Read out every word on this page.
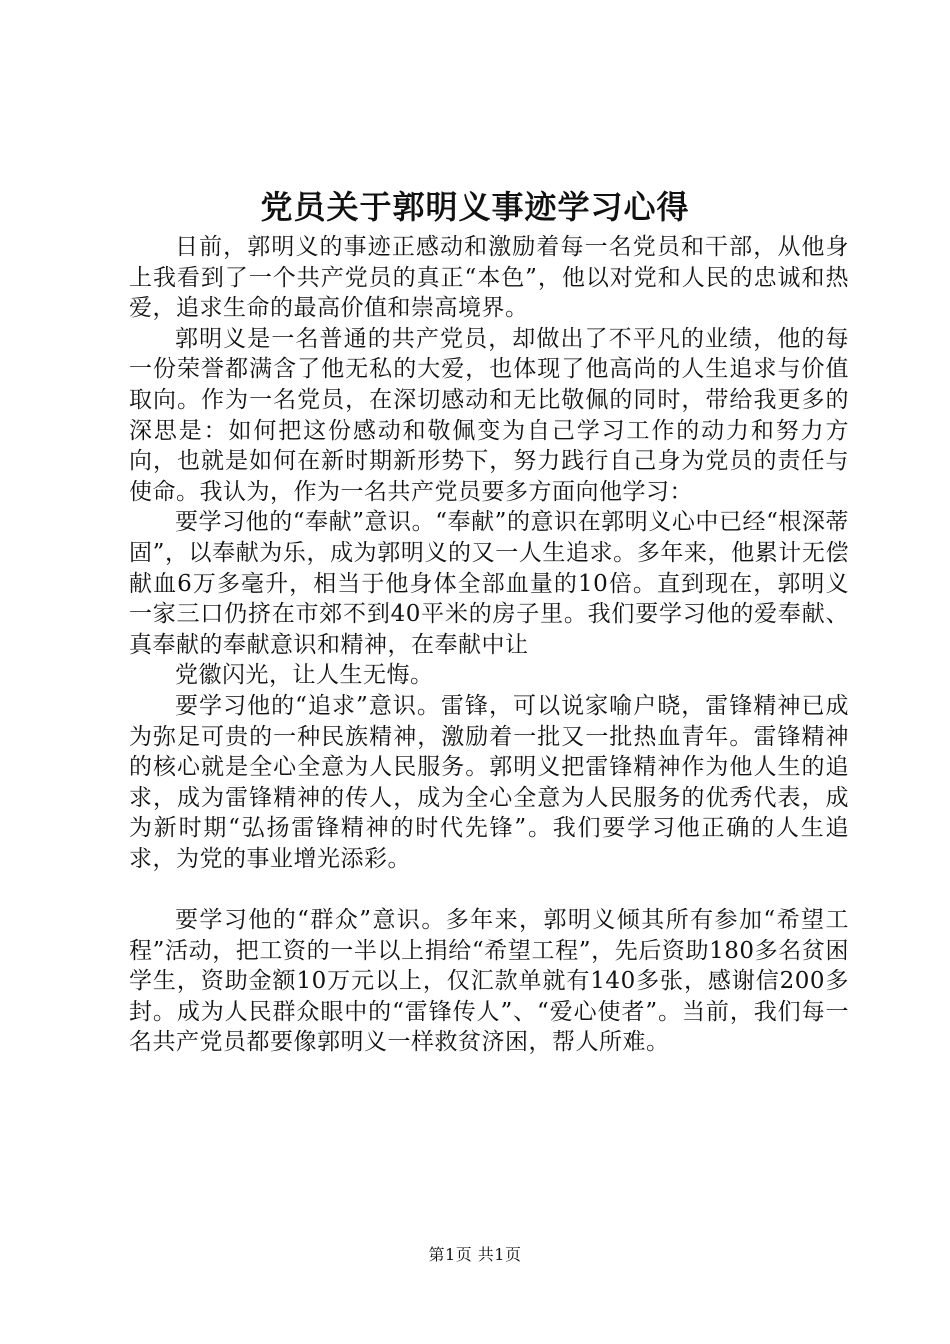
党员关于郭明义事迹学习心得

日前，郭明义的事迹正感动和激励着每一名党员和干部，从他身上我看到了一个共产党员的真正“本色”，他以对党和人民的忠诚和热爱，追求生命的最高价值和崇高境界。

郭明义是一名普通的共产党员，却做出了不平凡的业绩，他的每一份荣誉都满含了他无私的大爱，也体现了他高尚的人生追求与价值取向。作为一名党员，在深切感动和无比敬佩的同时，带给我更多的深思是：如何把这份感动和敬佩变为自己学习工作的动力和努力方向，也就是如何在新时期新形势下，努力践行自己身为党员的责任与使命。我认为，作为一名共产党员要多方面向他学习：

要学习他的“奉献”意识。“奉献”的意识在郭明义心中已经“根深蒂固”，以奉献为乐，成为郭明义的又一人生追求。多年来，他累计无偿献血6万多毫升，相当于他身体全部血量的10倍。直到现在，郭明义一家三口仍挤在市郊不到40平米的房子里。我们要学习他的爱奉献、真奉献的奉献意识和精神，在奉献中让

党徽闪光，让人生无悔。

要学习他的“追求”意识。雷锋，可以说家喻户晓，雷锋精神已成为弥足可贵的一种民族精神，激励着一批又一批热血青年。雷锋精神的核心就是全心全意为人民服务。郭明义把雷锋精神作为他人生的追求，成为雷锋精神的传人，成为全心全意为人民服务的优秀代表，成为新时期“弘扬雷锋精神的时代先锋”。我们要学习他正确的人生追求，为党的事业增光添彩。

要学习他的“群众”意识。多年来，郭明义倾其所有参加“希望工程”活动，把工资的一半以上捐给“希望工程”，先后资助180多名贫困学生，资助金额10万元以上，仅汇款单就有140多张，感谢信200多封。成为人民群众眼中的“雷锋传人”、“爱心使者”。当前，我们每一名共产党员都要像郭明义一样救贫济困，帮人所难。

第1页 共1页
